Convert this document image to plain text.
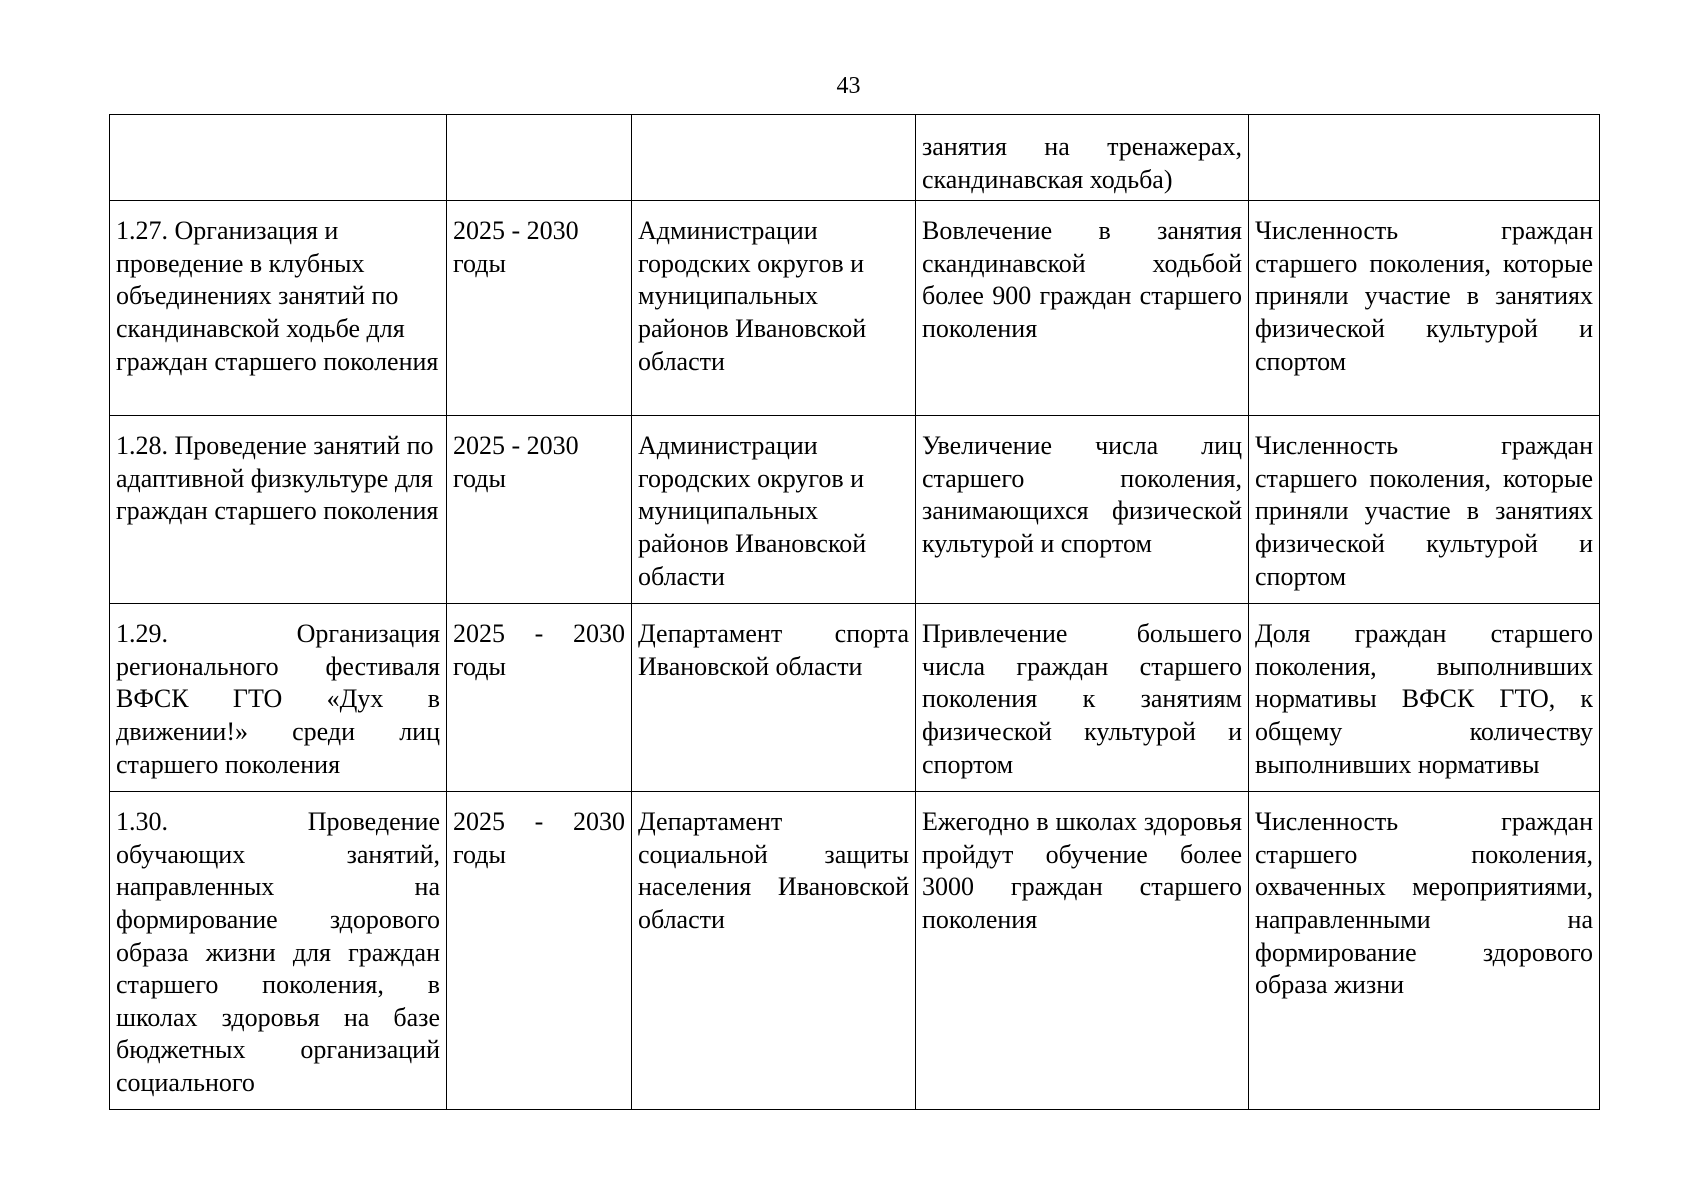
43
			занятия на тренажерах, скандинавская ходьба)	
1.27. Организация и проведение в клубных объединениях занятий по скандинавской ходьбе для граждан старшего поколения	2025 - 2030 годы	Администрации городских округов и муниципальных районов Ивановской области	Вовлечение в занятия скандинавской ходьбой более 900 граждан старшего поколения	Численность граждан старшего поколения, которые приняли участие в занятиях физической культурой и спортом
1.28. Проведение занятий по адаптивной физкультуре для граждан старшего поколения	2025 - 2030 годы	Администрации городских округов и муниципальных районов Ивановской области	Увеличение числа лиц старшего поколения, занимающихся физической культурой и спортом	Численность граждан старшего поколения, которые приняли участие в занятиях физической культурой и спортом
1.29. Организация регионального фестиваля ВФСК ГТО «Дух в движении!» среди лиц старшего поколения	2025 - 2030 годы	Департамент спорта Ивановской области	Привлечение большего числа граждан старшего поколения к занятиям физической культурой и спортом	Доля граждан старшего поколения, выполнивших нормативы ВФСК ГТО, к общему количеству выполнивших нормативы
1.30. Проведение обучающих занятий, направленных на формирование здорового образа жизни для граждан старшего поколения, в школах здоровья на базе бюджетных организаций социального	2025 - 2030 годы	Департамент социальной защиты населения Ивановской области	Ежегодно в школах здоровья пройдут обучение более 3000 граждан старшего поколения	Численность граждан старшего поколения, охваченных мероприятиями, направленными на формирование здорового образа жизни
